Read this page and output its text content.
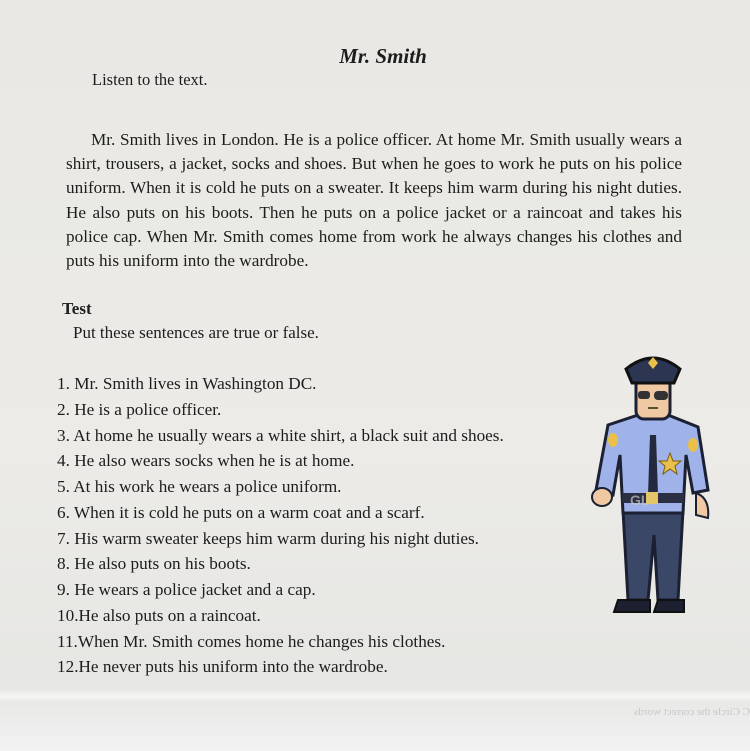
Mr. Smith
Listen to the text.
Mr. Smith lives in London. He is a police officer. At home Mr. Smith usually wears a shirt, trousers, a jacket, socks and shoes. But when he goes to work he puts on his police uniform. When it is cold he puts on a sweater. It keeps him warm during his night duties. He also puts on his boots. Then he puts on a police jacket or a raincoat and takes his police cap. When Mr. Smith comes home from work he always changes his clothes and puts his uniform into the wardrobe.
Test
Put these sentences are true or false.
1. Mr. Smith lives in Washington DC.
2. He is a police officer.
3. At home he usually wears a white shirt, a black suit and shoes.
4. He also wears socks when he is at home.
5. At his work he wears a police uniform.
6. When it is cold he puts on a warm coat and a scarf.
7. His warm sweater keeps him warm during his night duties.
8. He also puts on his boots.
9. He wears a police jacket and a cap.
10.He also puts on a raincoat.
11.When Mr. Smith comes home he changes his clothes.
12.He never puts his uniform into the wardrobe.
GL
C Circle the correct words
